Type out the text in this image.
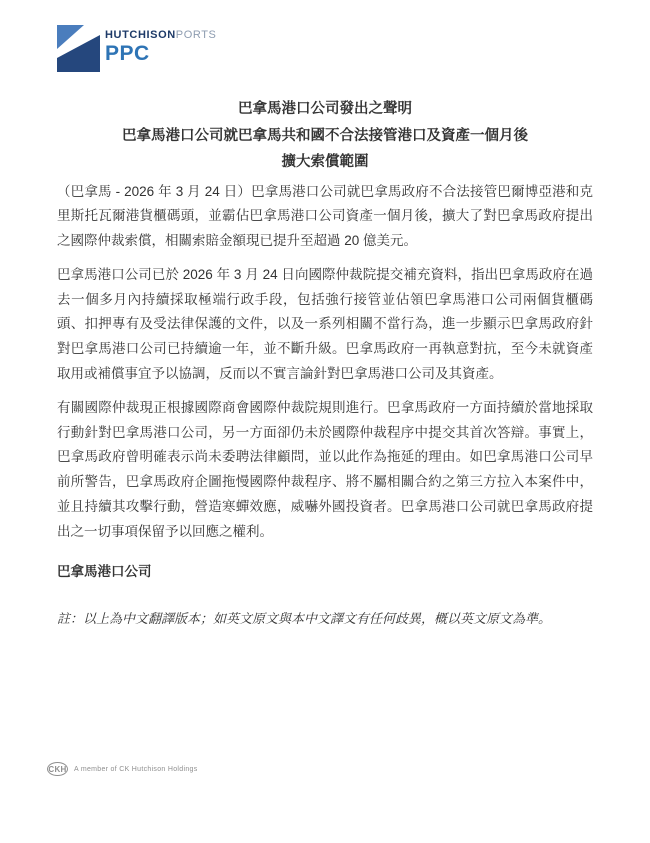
HUTCHISONPORTS
PPC
巴拿馬港口公司發出之聲明
巴拿馬港口公司就巴拿馬共和國不合法接管港口及資產一個月後
擴大索償範圍

（巴拿馬 - 2026 年 3 月 24 日）巴拿馬港口公司就巴拿馬政府不合法接管巴爾博亞港和克里斯托瓦爾港貨櫃碼頭，並霸佔巴拿馬港口公司資產一個月後，擴大了對巴拿馬政府提出之國際仲裁索償，相關索賠金額現已提升至超過 20 億美元。

巴拿馬港口公司已於 2026 年 3 月 24 日向國際仲裁院提交補充資料，指出巴拿馬政府在過去一個多月內持續採取極端行政手段，包括強行接管並佔領巴拿馬港口公司兩個貨櫃碼頭、扣押專有及受法律保護的文件，以及一系列相關不當行為，進一步顯示巴拿馬政府針對巴拿馬港口公司已持續逾一年，並不斷升級。巴拿馬政府一再執意對抗，至今未就資產取用或補償事宜予以協調，反而以不實言論針對巴拿馬港口公司及其資產。

有關國際仲裁現正根據國際商會國際仲裁院規則進行。巴拿馬政府一方面持續於當地採取行動針對巴拿馬港口公司，另一方面卻仍未於國際仲裁程序中提交其首次答辯。事實上，巴拿馬政府曾明確表示尚未委聘法律顧問，並以此作為拖延的理由。如巴拿馬港口公司早前所警告，巴拿馬政府企圖拖慢國際仲裁程序、將不屬相關合約之第三方拉入本案件中，並且持續其攻擊行動，營造寒蟬效應，威嚇外國投資者。巴拿馬港口公司就巴拿馬政府提出之一切事項保留予以回應之權利。

巴拿馬港口公司

註：以上為中文翻譯版本；如英文原文與本中文譯文有任何歧異，概以英文原文為準。

CKH A member of CK Hutchison Holdings
